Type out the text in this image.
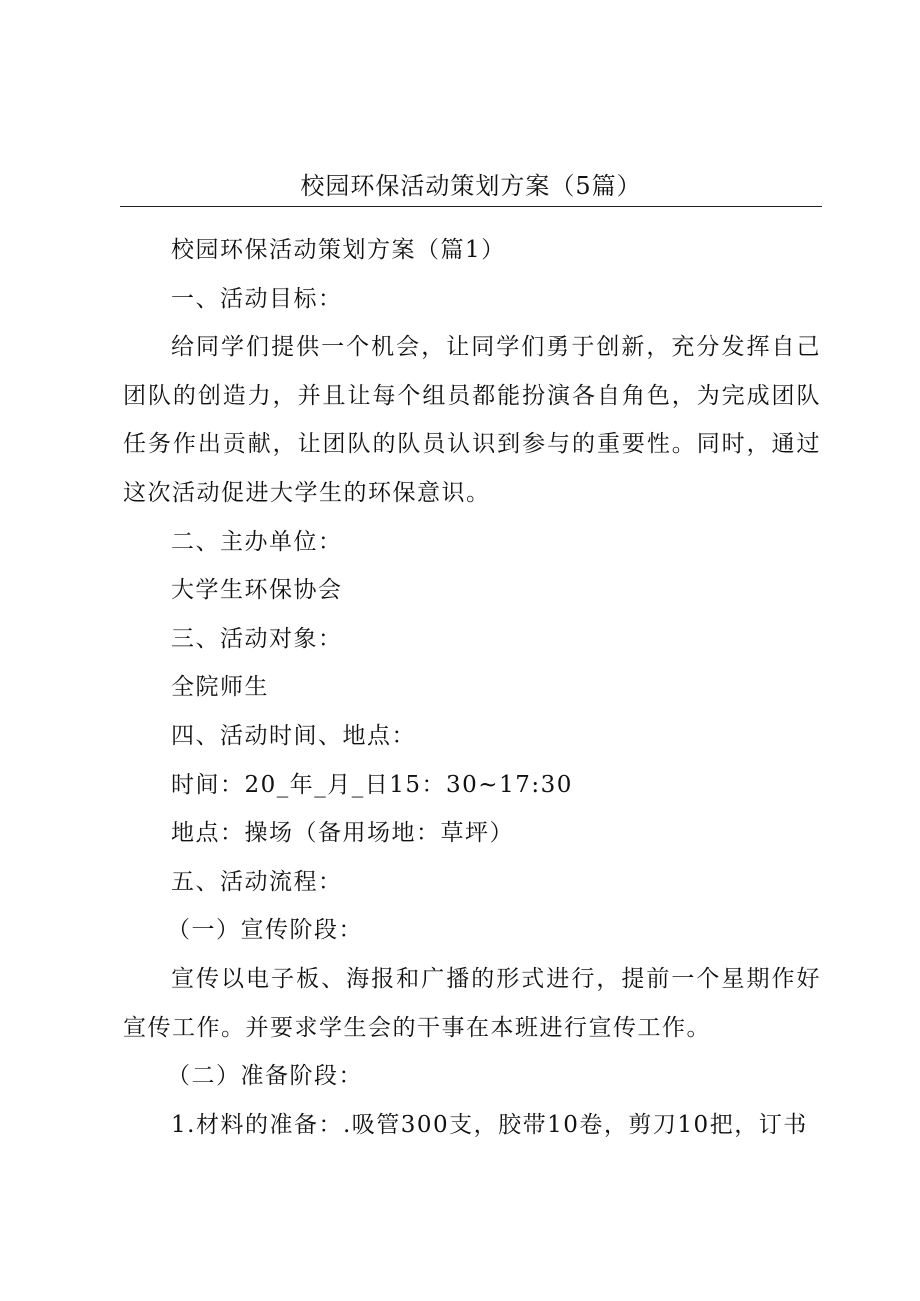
校园环保活动策划方案（5篇）

校园环保活动策划方案（篇1）

一、活动目标：

给同学们提供一个机会，让同学们勇于创新，充分发挥自己团队的创造力，并且让每个组员都能扮演各自角色，为完成团队任务作出贡献，让团队的队员认识到参与的重要性。同时，通过这次活动促进大学生的环保意识。

二、主办单位：

大学生环保协会

三、活动对象：

全院师生

四、活动时间、地点：

时间：20_年_月_日15：30~17:30

地点：操场（备用场地：草坪）

五、活动流程：

（一）宣传阶段：

宣传以电子板、海报和广播的形式进行，提前一个星期作好宣传工作。并要求学生会的干事在本班进行宣传工作。

（二）准备阶段：

1.材料的准备：.吸管300支，胶带10卷，剪刀10把，订书
